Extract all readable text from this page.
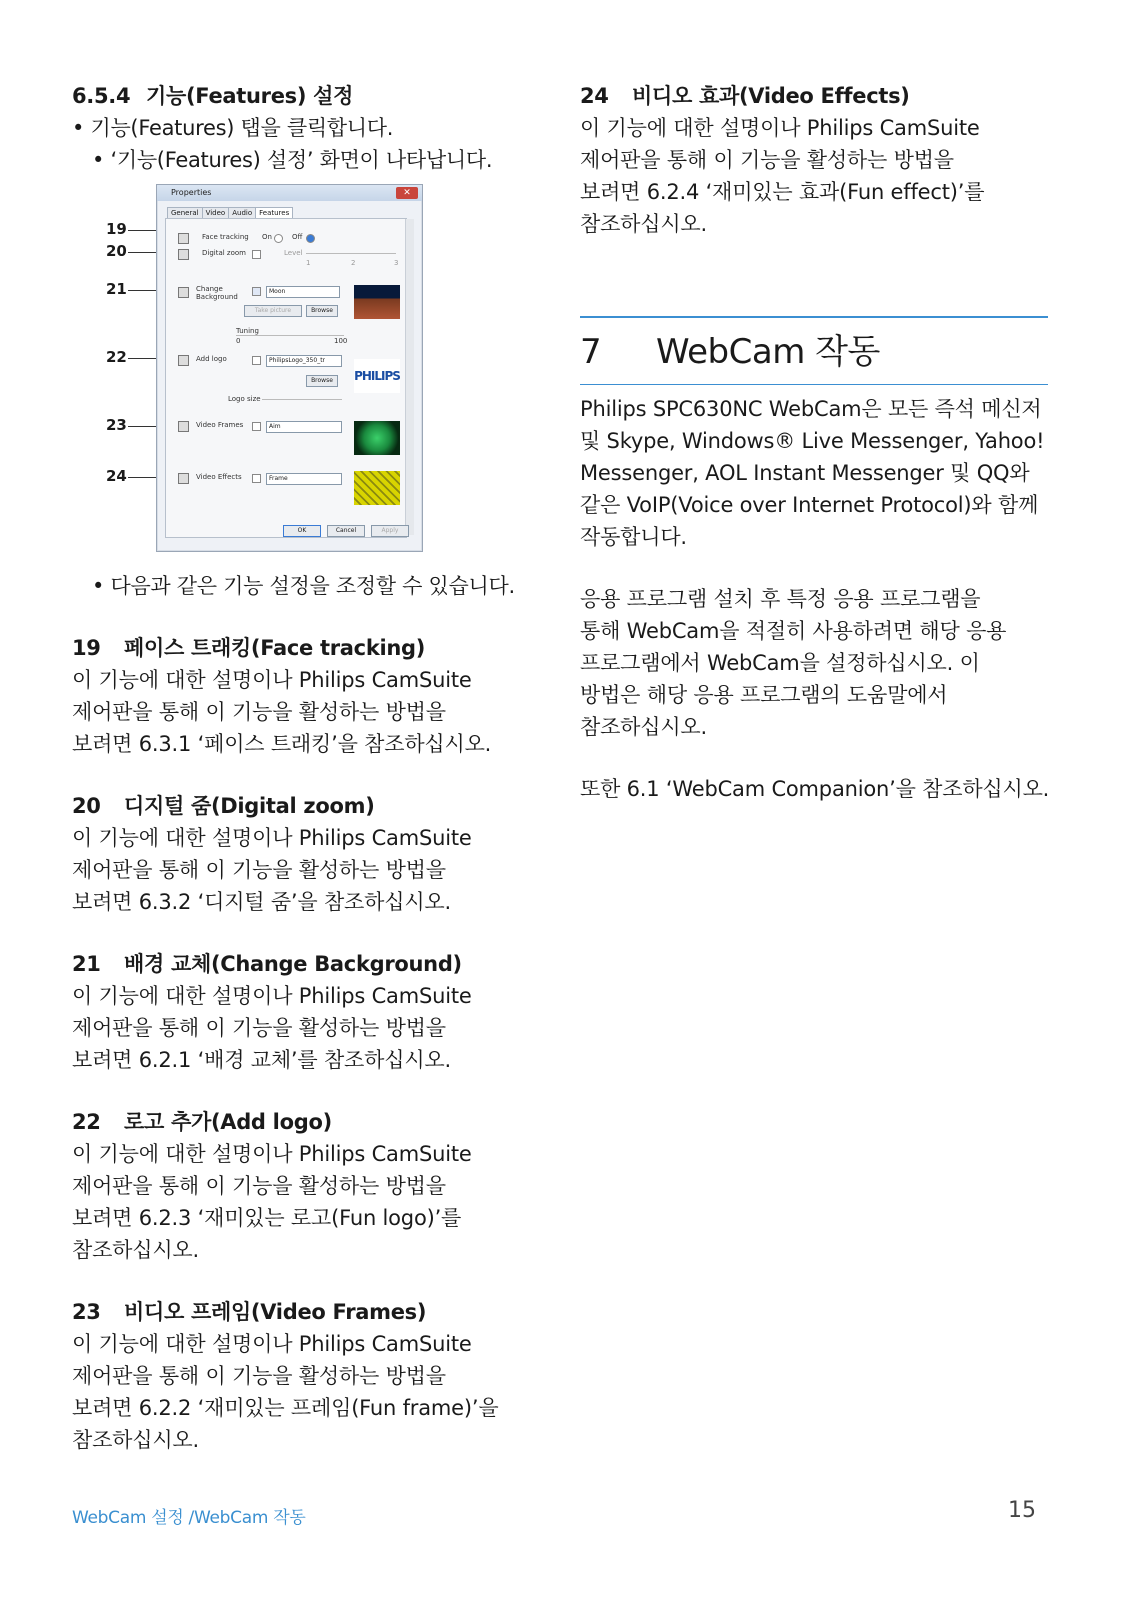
6.5.4 기능(Features) 설정
• 기능(Features) 탭을 클릭합니다.
• ‘기능(Features) 설정’ 화면이 나타납니다.
19
20
21
22
23
24
Properties	✕
General Video Audio Features
Face tracking On	Off
Digital zoom	Level
1	2	3
Change Background
Moon
Take picture	Browse
Tuning
0	100
Add logo	PhilipsLogo_350_tr
Browse	PHILIPS
Logo size
Video Frames	Aim
Video Effects	Frame
OK	Cancel	Apply
• 다음과 같은 기능 설정을 조정할 수 있습니다.
19 페이스 트래킹(Face tracking)

이 기능에 대한 설명이나 Philips CamSuite

제어판을 통해 이 기능을 활성하는 방법을

보려면 6.3.1 ‘페이스 트래킹’을 참조하십시오.

20 디지털 줌(Digital zoom)

이 기능에 대한 설명이나 Philips CamSuite

제어판을 통해 이 기능을 활성하는 방법을

보려면 6.3.2 ‘디지털 줌’을 참조하십시오.

21 배경 교체(Change Background)

이 기능에 대한 설명이나 Philips CamSuite

제어판을 통해 이 기능을 활성하는 방법을

보려면 6.2.1 ‘배경 교체’를 참조하십시오.

22 로고 추가(Add logo)

이 기능에 대한 설명이나 Philips CamSuite

제어판을 통해 이 기능을 활성하는 방법을

보려면 6.2.3 ‘재미있는 로고(Fun logo)’를

참조하십시오.

23 비디오 프레임(Video Frames)

이 기능에 대한 설명이나 Philips CamSuite

제어판을 통해 이 기능을 활성하는 방법을

보려면 6.2.2 ‘재미있는 프레임(Fun frame)’을

참조하십시오.

24 비디오 효과(Video Effects)

이 기능에 대한 설명이나 Philips CamSuite

제어판을 통해 이 기능을 활성하는 방법을

보려면 6.2.4 ‘재미있는 효과(Fun effect)’를

참조하십시오.

7	WebCam 작동

Philips SPC630NC WebCam은 모든 즉석 메신저

및 Skype, Windows® Live Messenger, Yahoo!

Messenger, AOL Instant Messenger 및 QQ와

같은 VoIP(Voice over Internet Protocol)와 함께

작동합니다.

응용 프로그램 설치 후 특정 응용 프로그램을

통해 WebCam을 적절히 사용하려면 해당 응용

프로그램에서 WebCam을 설정하십시오. 이

방법은 해당 응용 프로그램의 도움말에서

참조하십시오.

또한 6.1 ‘WebCam Companion’을 참조하십시오.

WebCam 설정 /WebCam 작동	15
